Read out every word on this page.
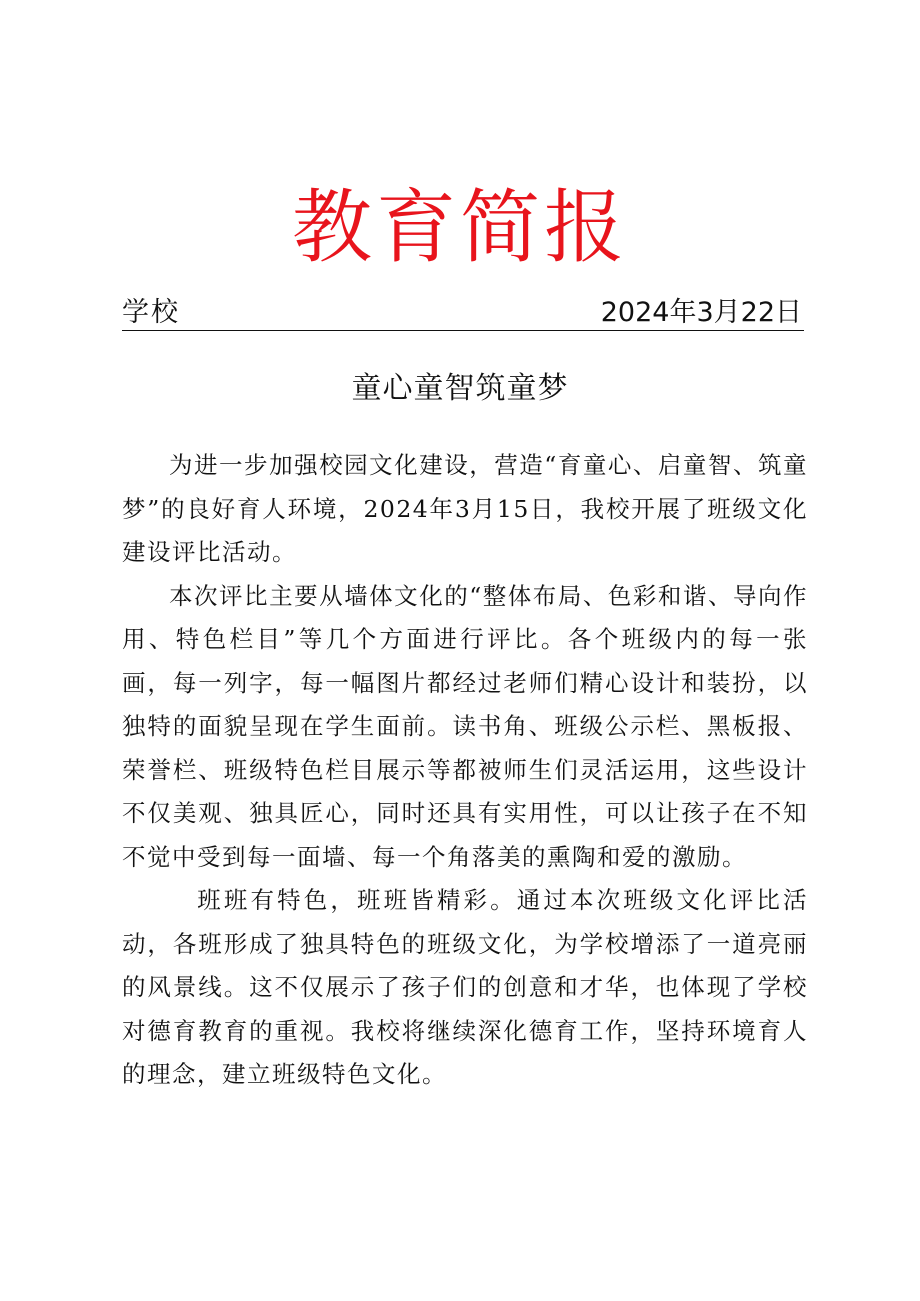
教育简报
学校	2024年3月22日
童心童智筑童梦

为进一步加强校园文化建设，营造“育童心、启童智、筑童梦”的良好育人环境，2024年3月15日，我校开展了班级文化建设评比活动。

本次评比主要从墙体文化的“整体布局、色彩和谐、导向作用、特色栏目”等几个方面进行评比。各个班级内的每一张画，每一列字，每一幅图片都经过老师们精心设计和装扮，以独特的面貌呈现在学生面前。读书角、班级公示栏、黑板报、荣誉栏、班级特色栏目展示等都被师生们灵活运用，这些设计不仅美观、独具匠心，同时还具有实用性，可以让孩子在不知不觉中受到每一面墙、每一个角落美的熏陶和爱的激励。

班班有特色，班班皆精彩。通过本次班级文化评比活动，各班形成了独具特色的班级文化，为学校增添了一道亮丽的风景线。这不仅展示了孩子们的创意和才华，也体现了学校对德育教育的重视。我校将继续深化德育工作，坚持环境育人的理念，建立班级特色文化。
